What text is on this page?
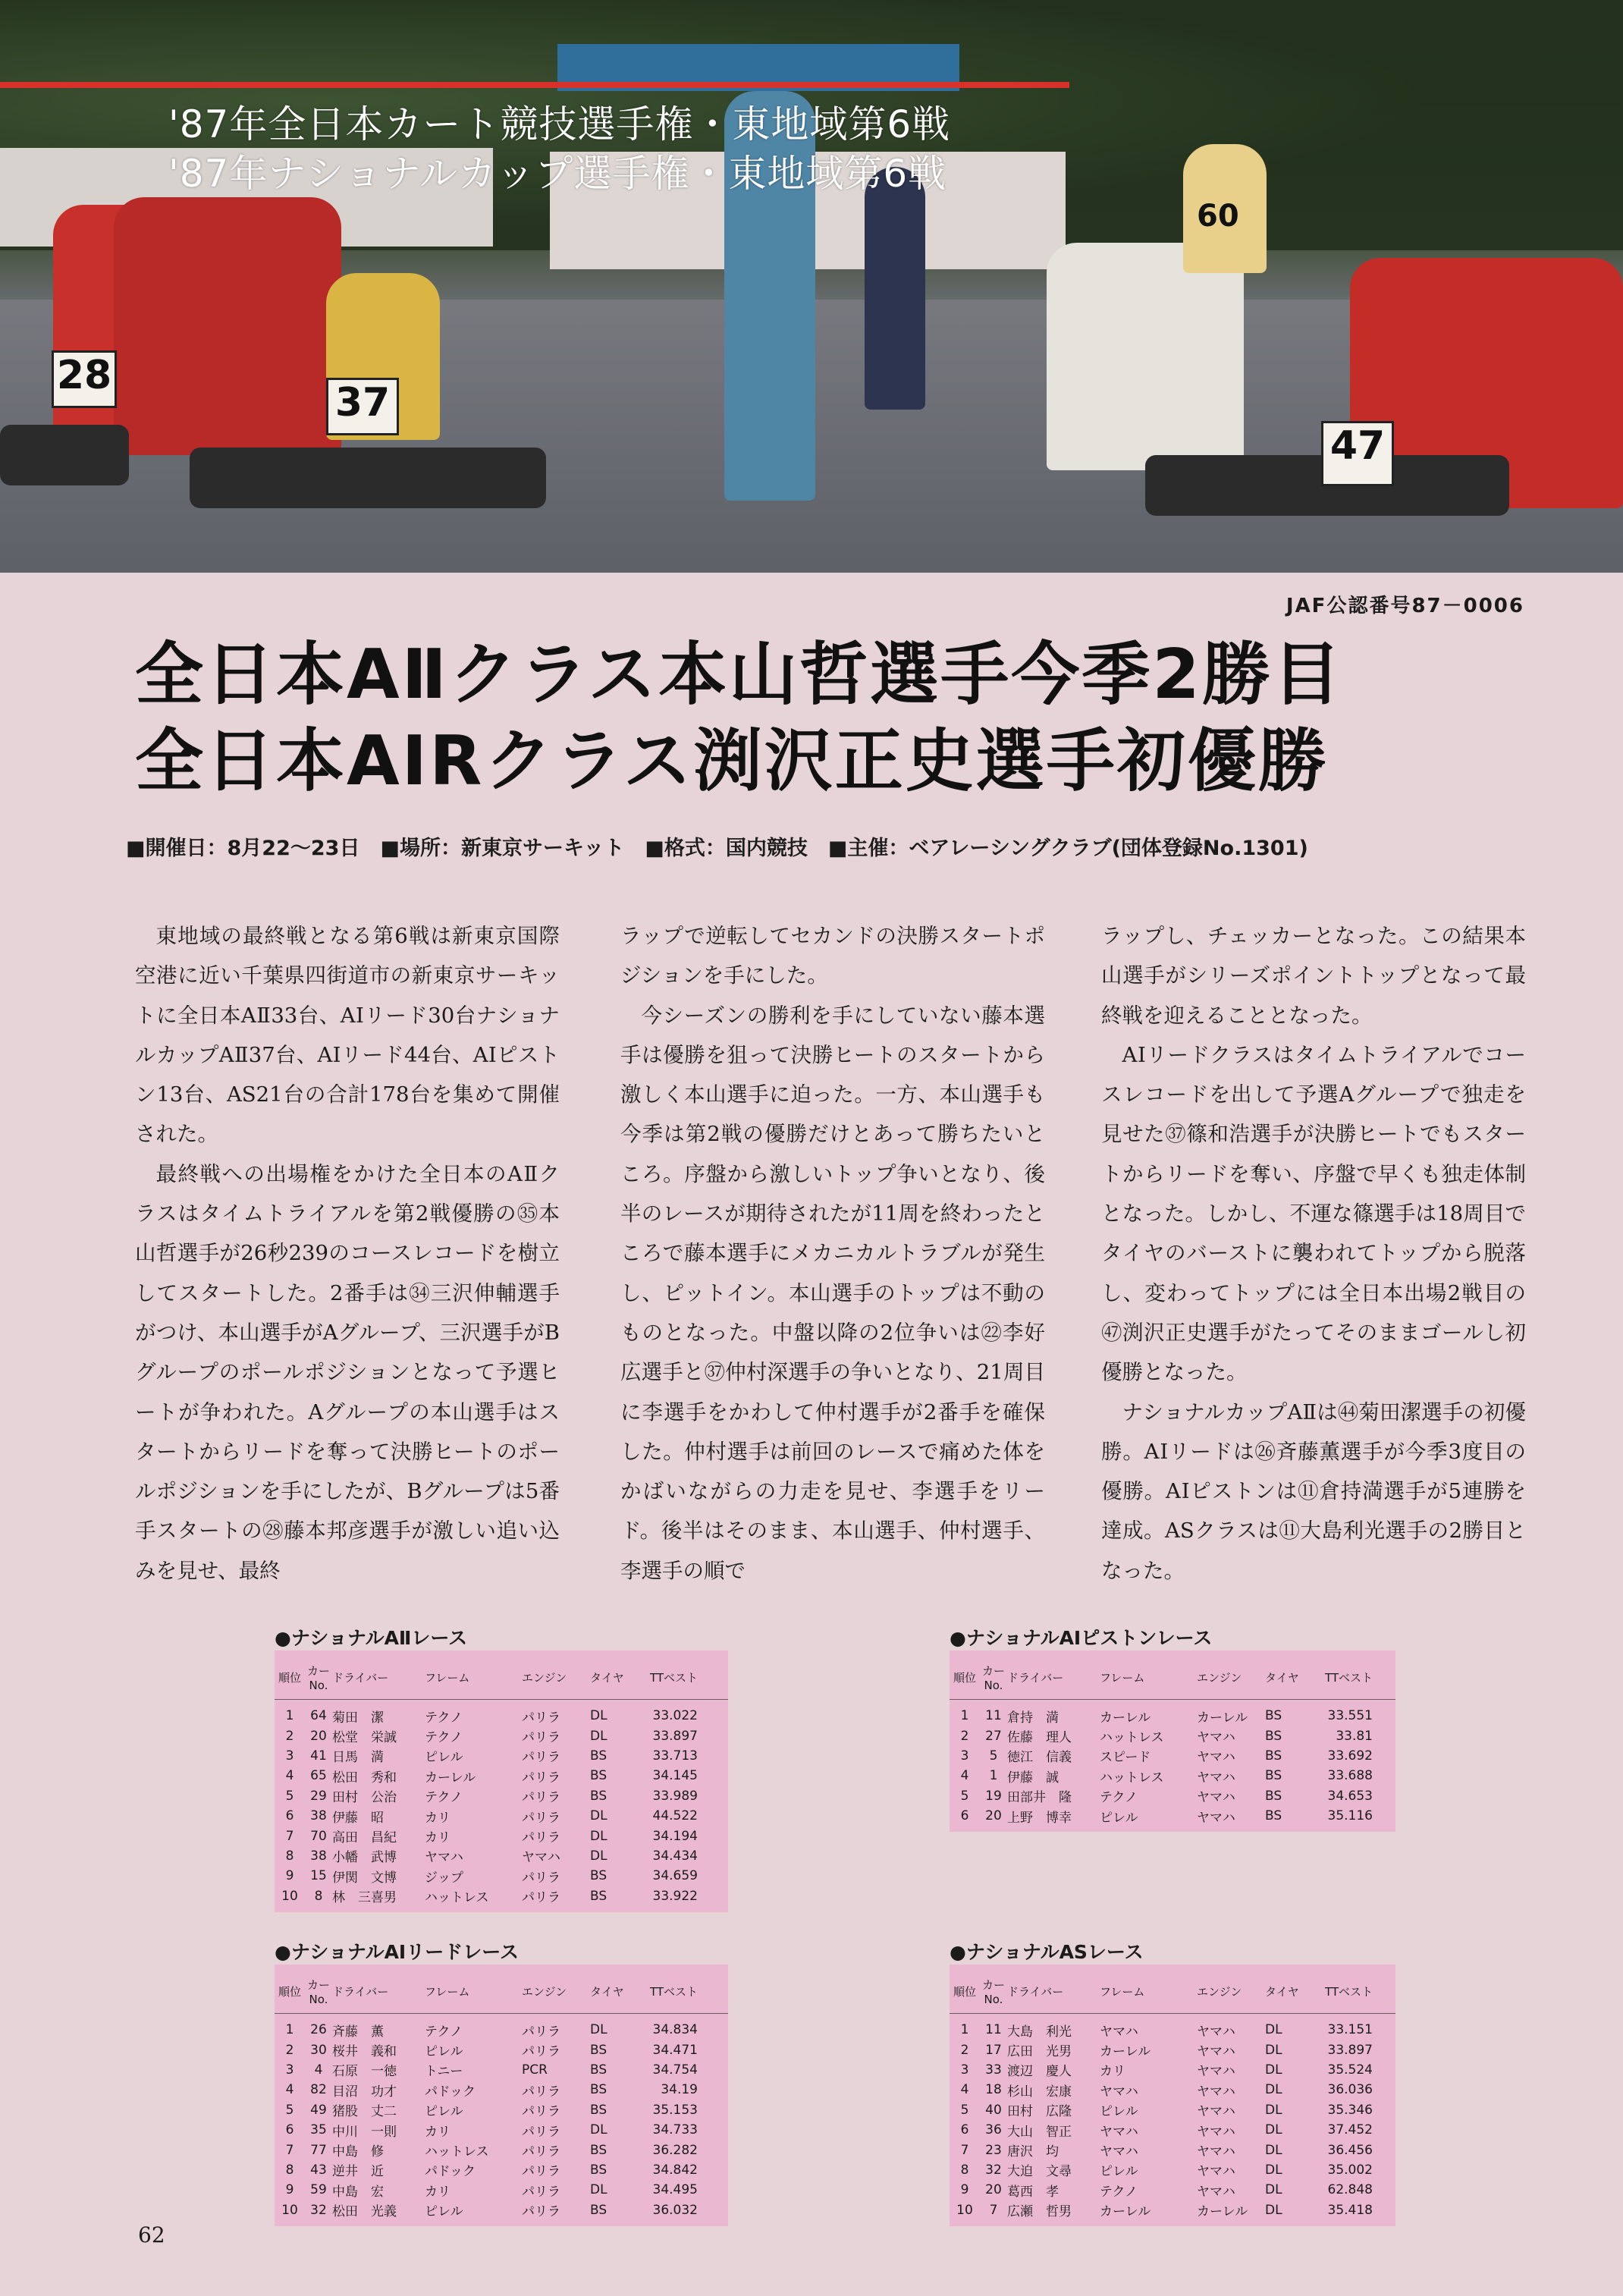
60
28
37
47
'87年全日本カート競技選手権・東地域第6戦
'87年ナショナルカップ選手権・東地域第6戦
JAF公認番号87－0006
全日本AⅡクラス本山哲選手今季2勝目
全日本AⅠRクラス渕沢正史選手初優勝
■開催日：8月22～23日　■場所：新東京サーキット　■格式：国内競技　■主催：ベアレーシングクラブ(団体登録No.1301)

東地域の最終戦となる第6戦は新東京国際空港に近い千葉県四街道市の新東京サーキットに全日本AⅡ33台、AⅠリード30台ナショナルカップAⅡ37台、AⅠリード44台、AⅠピストン13台、AS21台の合計178台を集めて開催された。

最終戦への出場権をかけた全日本のAⅡクラスはタイムトライアルを第2戦優勝の㉟本山哲選手が26秒239のコースレコードを樹立してスタートした。2番手は㉞三沢伸輔選手がつけ、本山選手がAグループ、三沢選手がBグループのポールポジションとなって予選ヒートが争われた。Aグループの本山選手はスタートからリードを奪って決勝ヒートのポールポジションを手にしたが、Bグループは5番手スタートの㉘藤本邦彦選手が激しい追い込みを見せ、最終

ラップで逆転してセカンドの決勝スタートポジションを手にした。

今シーズンの勝利を手にしていない藤本選手は優勝を狙って決勝ヒートのスタートから激しく本山選手に迫った。一方、本山選手も今季は第2戦の優勝だけとあって勝ちたいところ。序盤から激しいトップ争いとなり、後半のレースが期待されたが11周を終わったところで藤本選手にメカニカルトラブルが発生し、ピットイン。本山選手のトップは不動のものとなった。中盤以降の2位争いは㉒李好広選手と㊲仲村深選手の争いとなり、21周目に李選手をかわして仲村選手が2番手を確保した。仲村選手は前回のレースで痛めた体をかばいながらの力走を見せ、李選手をリード。後半はそのまま、本山選手、仲村選手、李選手の順で

ラップし、チェッカーとなった。この結果本山選手がシリーズポイントトップとなって最終戦を迎えることとなった。

AⅠリードクラスはタイムトライアルでコースレコードを出して予選Aグループで独走を見せた㊲篠和浩選手が決勝ヒートでもスタートからリードを奪い、序盤で早くも独走体制となった。しかし、不運な篠選手は18周目でタイヤのバーストに襲われてトップから脱落し、変わってトップには全日本出場2戦目の㊼渕沢正史選手がたってそのままゴールし初優勝となった。

ナショナルカップAⅡは㊹菊田潔選手の初優勝。AⅠリードは㉖斉藤薫選手が今季3度目の優勝。AⅠピストンは⑪倉持満選手が5連勝を達成。ASクラスは⑪大島利光選手の2勝目となった。

●ナショナルAⅡレース
順位 カーNo.
ドライバー	フレーム	エンジン	タイヤ	TTベスト
1	64 菊田　潔	テクノ	パリラ	DL	33.022
2	20 松堂　栄誠	テクノ	パリラ	DL	33.897
3	41 日馬　満	ピレル	パリラ	BS	33.713
4	65 松田　秀和	カーレル	パリラ	BS	34.145
5	29 田村　公治	テクノ	パリラ	BS	33.989
6	38 伊藤　昭	カリ	パリラ	DL	44.522
7	70 高田　昌紀	カリ	パリラ	DL	34.194
8	38 小幡　武博	ヤマハ	ヤマハ	DL	34.434
9	15 伊関　文博	ジップ	パリラ	BS	34.659
10	8 林　三喜男	ハットレス	パリラ	BS	33.922
●ナショナルAⅠピストンレース
順位 カーNo.
ドライバー	フレーム	エンジン	タイヤ	TTベスト
1	11 倉持　満	カーレル	カーレル	BS	33.551
2	27 佐藤　理人	ハットレス	ヤマハ	BS	33.81
3	5 徳江　信義	スピード	ヤマハ	BS	33.692
4	1 伊藤　誠	ハットレス	ヤマハ	BS	33.688
5	19 田部井　隆	テクノ	ヤマハ	BS	34.653
6	20 上野　博幸	ピレル	ヤマハ	BS	35.116
●ナショナルAⅠリードレース
順位 カーNo.
ドライバー	フレーム	エンジン	タイヤ	TTベスト
1	26 斉藤　薫	テクノ	パリラ	DL	34.834
2	30 桜井　義和	ピレル	パリラ	BS	34.471
3	4 石原　一徳	トニー	PCR	BS	34.754
4	82 目沼　功才	パドック	パリラ	BS	34.19
5	49 猪股　丈二	ピレル	パリラ	BS	35.153
6	35 中川　一則	カリ	パリラ	DL	34.733
7	77 中島　修	ハットレス	パリラ	BS	36.282
8	43 逆井　近	パドック	パリラ	BS	34.842
9	59 中島　宏	カリ	パリラ	DL	34.495
10 32 松田　光義	ピレル	パリラ	BS	36.032
●ナショナルASレース
順位 カーNo.
ドライバー	フレーム	エンジン	タイヤ	TTベスト
1	11 大島　利光	ヤマハ	ヤマハ	DL	33.151
2	17 広田　光男	カーレル	ヤマハ	DL	33.897
3	33 渡辺　慶人	カリ	ヤマハ	DL	35.524
4	18 杉山　宏康	ヤマハ	ヤマハ	DL	36.036
5	40 田村　広隆	ピレル	ヤマハ	DL	35.346
6	36 大山　智正	ヤマハ	ヤマハ	DL	37.452
7	23 唐沢　均	ヤマハ	ヤマハ	DL	36.456
8	32 大迫　文尋	ピレル	ヤマハ	DL	35.002
9	20 葛西　孝	テクノ	ヤマハ	DL	62.848
10	7 広瀬　哲男	カーレル	カーレル	DL	35.418
62
